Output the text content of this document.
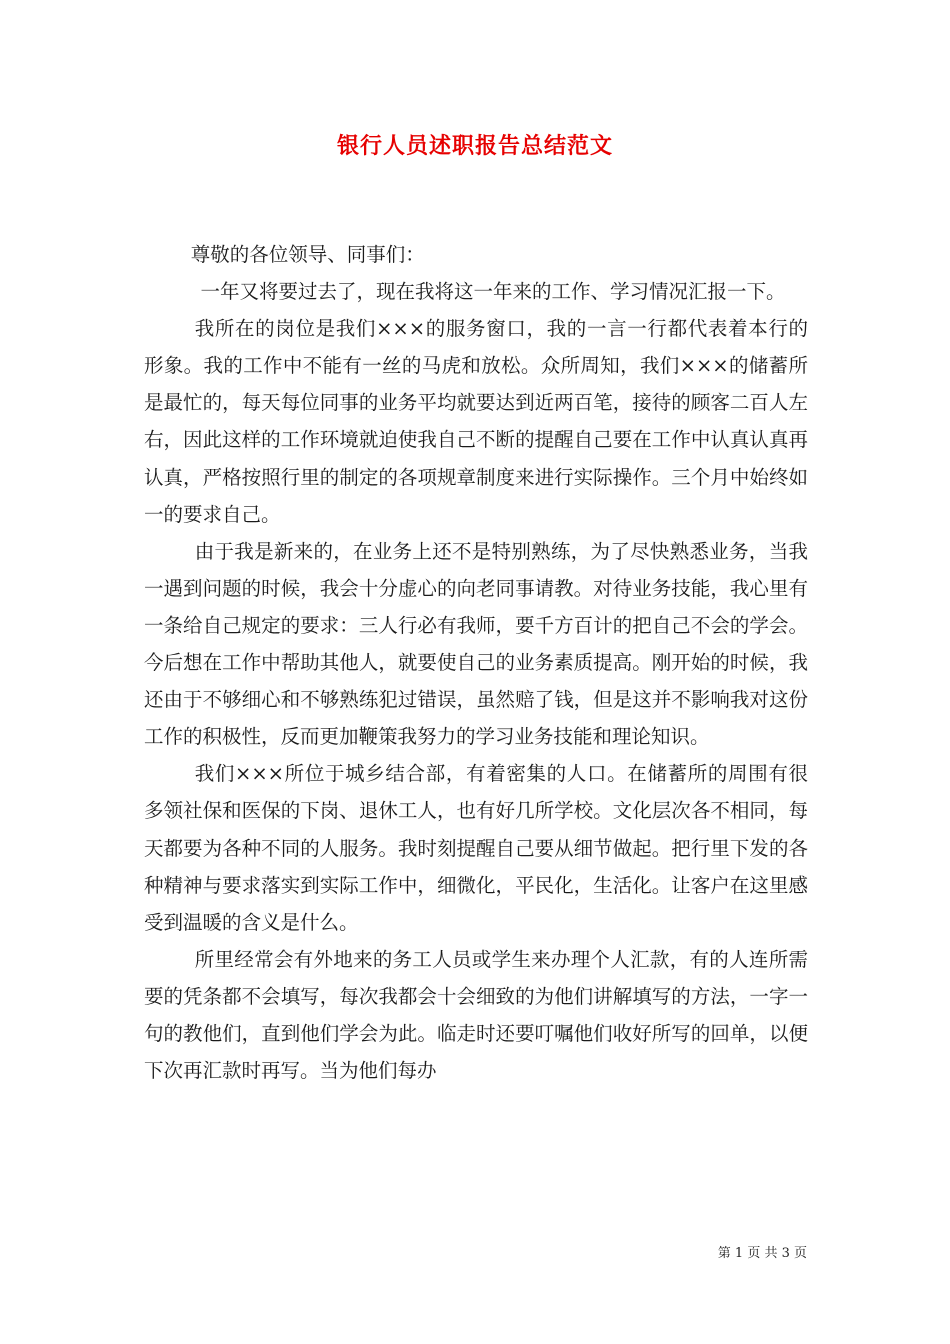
银行人员述职报告总结范文

尊敬的各位领导、同事们：

一年又将要过去了，现在我将这一年来的工作、学习情况汇报一下。

我所在的岗位是我们×××的服务窗口，我的一言一行都代表着本行的形象。我的工作中不能有一丝的马虎和放松。众所周知，我们×××的储蓄所是最忙的，每天每位同事的业务平均就要达到近两百笔，接待的顾客二百人左右，因此这样的工作环境就迫使我自己不断的提醒自己要在工作中认真认真再认真，严格按照行里的制定的各项规章制度来进行实际操作。三个月中始终如一的要求自己。

由于我是新来的，在业务上还不是特别熟练，为了尽快熟悉业务，当我一遇到问题的时候，我会十分虚心的向老同事请教。对待业务技能，我心里有一条给自己规定的要求：三人行必有我师，要千方百计的把自己不会的学会。今后想在工作中帮助其他人，就要使自己的业务素质提高。刚开始的时候，我还由于不够细心和不够熟练犯过错误，虽然赔了钱，但是这并不影响我对这份工作的积极性，反而更加鞭策我努力的学习业务技能和理论知识。

我们×××所位于城乡结合部，有着密集的人口。在储蓄所的周围有很多领社保和医保的下岗、退休工人，也有好几所学校。文化层次各不相同，每天都要为各种不同的人服务。我时刻提醒自己要从细节做起。把行里下发的各种精神与要求落实到实际工作中，细微化，平民化，生活化。让客户在这里感受到温暖的含义是什么。

所里经常会有外地来的务工人员或学生来办理个人汇款，有的人连所需要的凭条都不会填写，每次我都会十会细致的为他们讲解填写的方法，一字一句的教他们，直到他们学会为此。临走时还要叮嘱他们收好所写的回单，以便下次再汇款时再写。当为他们每办

第 1 页 共 3 页
